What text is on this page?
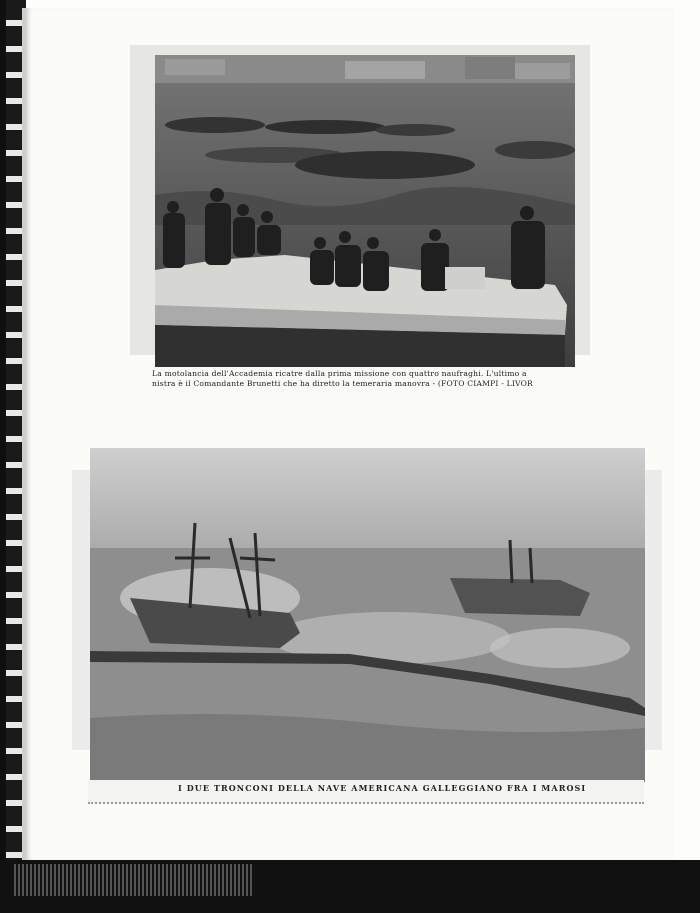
La motolancia dell'Accademia ricatre dalla prima missione con quattro naufraghi. L'ultimo a
nistra è il Comandante Brunetti che ha diretto la temeraria manovra - (FOTO CIAMPI - LIVOR
I DUE TRONCONI DELLA NAVE AMERICANA GALLEGGIANO FRA I MAROSI
